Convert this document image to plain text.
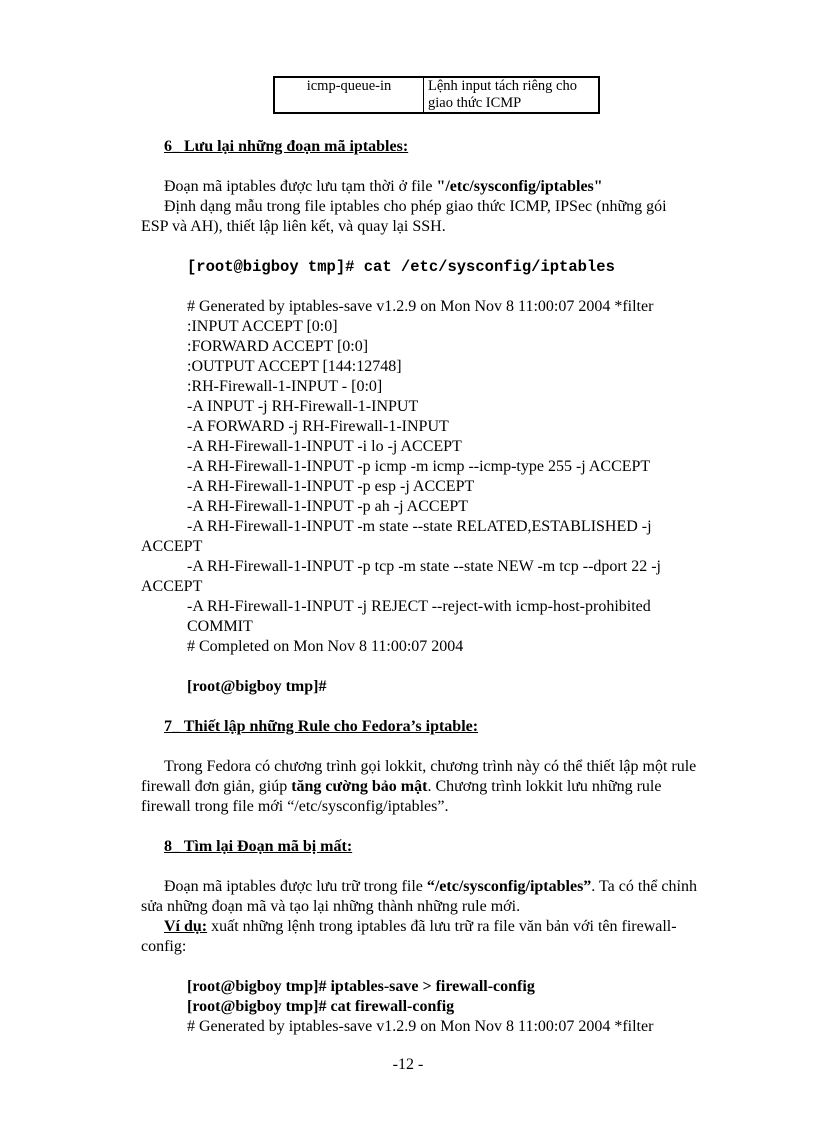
icmp-queue-in	Lệnh input tách riêng cho
giao thức ICMP
6_ Lưu lại những đoạn mã iptables:
Đoạn mã iptables được lưu tạm thời ở file "/etc/sysconfig/iptables"
Định dạng mẫu trong file iptables cho phép giao thức ICMP, IPSec (những gói
ESP và AH), thiết lập liên kết, và quay lại SSH.
[root@bigboy tmp]# cat /etc/sysconfig/iptables
# Generated by iptables-save v1.2.9 on Mon Nov 8 11:00:07 2004 *filter
:INPUT ACCEPT [0:0]
:FORWARD ACCEPT [0:0]
:OUTPUT ACCEPT [144:12748]
:RH-Firewall-1-INPUT - [0:0]
-A INPUT -j RH-Firewall-1-INPUT
-A FORWARD -j RH-Firewall-1-INPUT
-A RH-Firewall-1-INPUT -i lo -j ACCEPT
-A RH-Firewall-1-INPUT -p icmp -m icmp --icmp-type 255 -j ACCEPT
-A RH-Firewall-1-INPUT -p esp -j ACCEPT
-A RH-Firewall-1-INPUT -p ah -j ACCEPT
-A RH-Firewall-1-INPUT -m state --state RELATED,ESTABLISHED -j
ACCEPT
-A RH-Firewall-1-INPUT -p tcp -m state --state NEW -m tcp --dport 22 -j
ACCEPT
-A RH-Firewall-1-INPUT -j REJECT --reject-with icmp-host-prohibited
COMMIT
# Completed on Mon Nov 8 11:00:07 2004
[root@bigboy tmp]#
7_ Thiết lập những Rule cho Fedora’s iptable:
Trong Fedora có chương trình gọi lokkit, chương trình này có thể thiết lập một rule
firewall đơn giản, giúp tăng cường bảo mật. Chương trình lokkit lưu những rule
firewall trong file mới “/etc/sysconfig/iptables”.
8_ Tìm lại Đoạn mã bị mất:
Đoạn mã iptables được lưu trữ trong file “/etc/sysconfig/iptables”. Ta có thể chỉnh
sửa những đoạn mã và tạo lại những thành những rule mới.
Ví dụ: xuất những lệnh trong iptables đã lưu trữ ra file văn bản với tên firewall-
config:
[root@bigboy tmp]# iptables-save > firewall-config
[root@bigboy tmp]# cat firewall-config
# Generated by iptables-save v1.2.9 on Mon Nov 8 11:00:07 2004 *filter
-12 -
